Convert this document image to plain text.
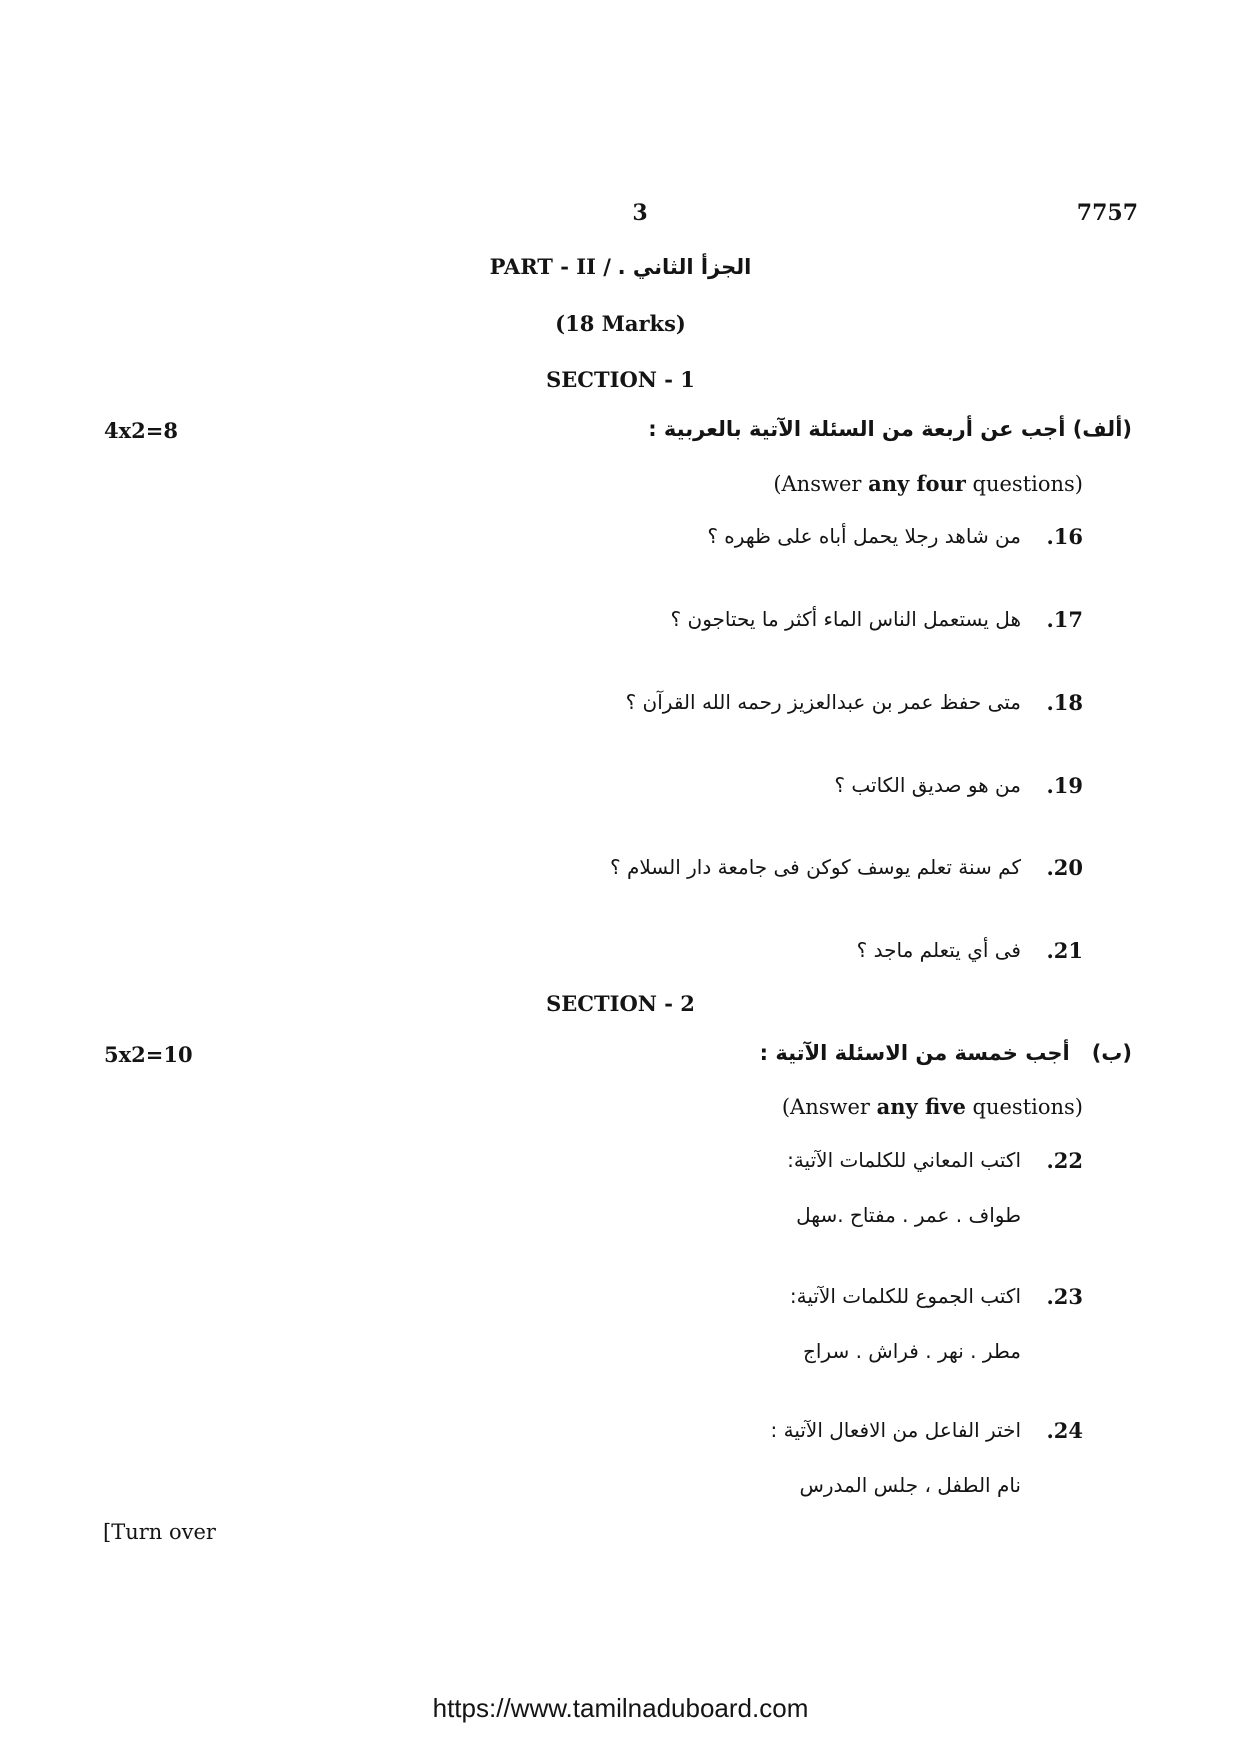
3	7757
PART - II / الجزأ الثاني .
(18 Marks)
SECTION - 1
4x2=8	(ألف) أجب عن أربعة من السئلة الآتية بالعربية :
(Answer any four questions)
.16
من شاهد رجلا يحمل أباه على ظهره ؟
.17
هل يستعمل الناس الماء أكثر ما يحتاجون ؟
.18
متى حفظ عمر بن عبدالعزيز رحمه الله القرآن ؟
.19
من هو صديق الكاتب ؟
.20
كم سنة تعلم يوسف كوكن فى جامعة دار السلام ؟
.21
فى أي يتعلم ماجد ؟
SECTION - 2
5x2=10	(ب)   أجب خمسة من الاسئلة الآتية :
(Answer any five questions)
.22
اكتب المعاني للكلمات الآتية:
طواف . عمر . مفتاح .سهل
.23
اكتب الجموع للكلمات الآتية:
مطر . نهر . فراش . سراج
.24
اختر الفاعل من الافعال الآتية :
نام الطفل ، جلس المدرس
[Turn over
https://www.tamilnaduboard.com
